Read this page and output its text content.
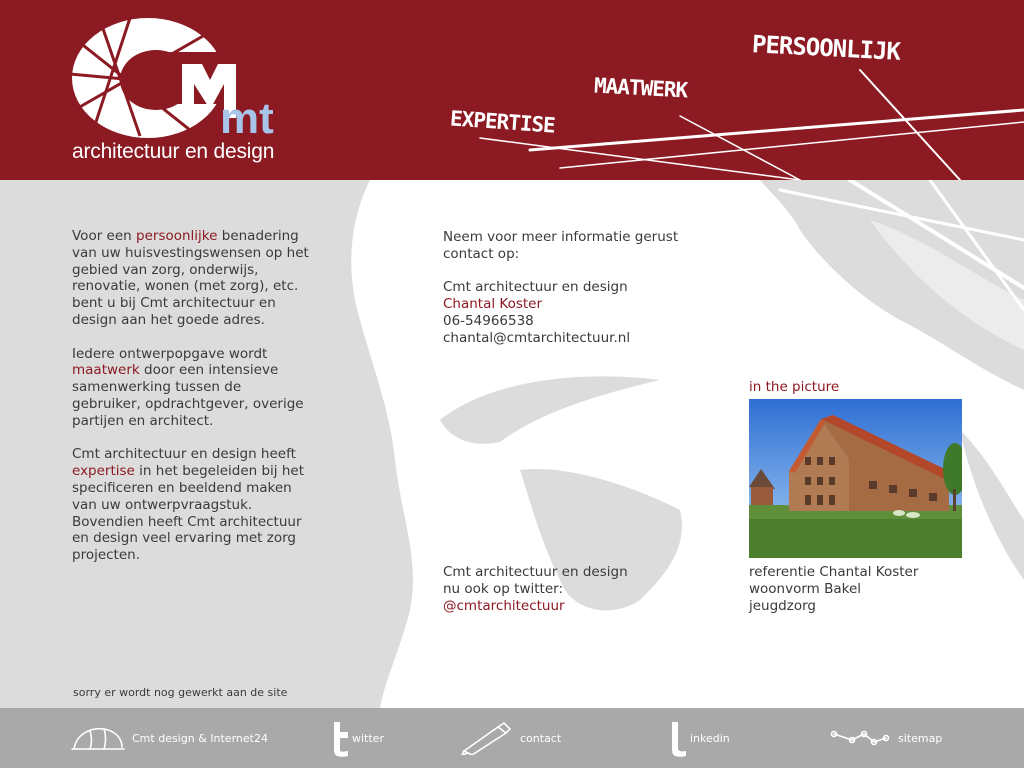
mt
architectuur en design
EXPERTISE
MAATWERK
PERSOONLIJK

Voor een persoonlijke benadering van uw huisvestingswensen op het gebied van zorg, onderwijs, renovatie, wonen (met zorg), etc. bent u bij Cmt architectuur en design aan het goede adres.

Iedere ontwerpopgave wordt maatwerk door een intensieve samenwerking tussen de gebruiker, opdrachtgever, overige partijen en architect.

Cmt architectuur en design heeft expertise in het begeleiden bij het specificeren en beeldend maken van uw ontwerpvraagstuk. Bovendien heeft Cmt architectuur en design veel ervaring met zorg projecten.

Neem voor meer informatie gerust contact op:
Cmt architectuur en design
Chantal Koster
06-54966538
chantal@cmtarchitectuur.nl
Cmt architectuur en design
nu ook op twitter:
@cmtarchitectuur
in the picture
referentie Chantal Koster
woonvorm Bakel
jeugdzorg
sorry er wordt nog gewerkt aan de site
Cmt design & Internet24	witter	contact	inkedin	sitemap
